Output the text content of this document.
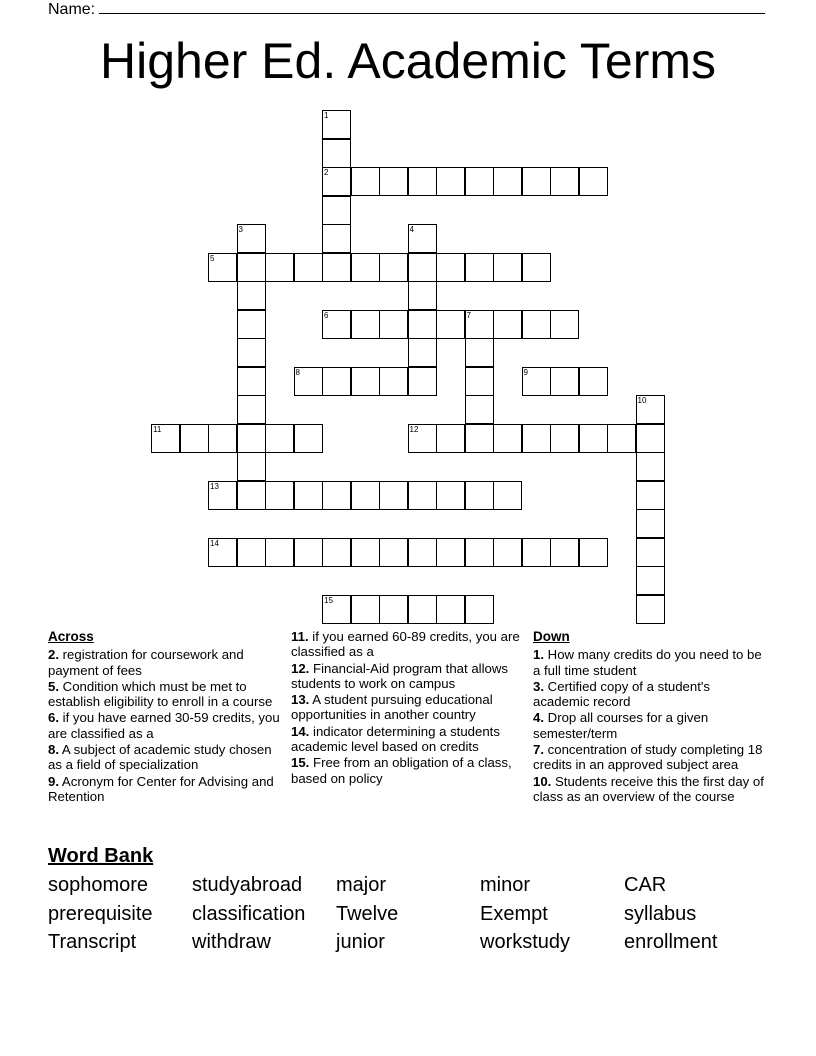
Name:
Higher Ed. Academic Terms
2
5
6	7
8	9
11	12
13
14
15
1
3	4
10
Across
2. registration for coursework and payment of fees
5. Condition which must be met to establish eligibility to enroll in a course
6. if you have earned 30-59 credits, you are classified as a
8. A subject of academic study chosen as a field of specialization
9. Acronym for Center for Advising and Retention
11. if you earned 60-89 credits, you are classified as a
12. Financial-Aid program that allows students to work on campus
13. A student pursuing educational opportunities in another country
14. indicator determining a students academic level based on credits
15. Free from an obligation of a class, based on policy
Down
1. How many credits do you need to be a full time student
3. Certified copy of a student's academic record
4. Drop all courses for a given semester/term
7. concentration of study completing 18 credits in an approved subject area
10. Students receive this the first day of class as an overview of the course
Word Bank
sophomore	studyabroad	major	minor	CAR
prerequisite	classification	Twelve	Exempt	syllabus
Transcript	withdraw	junior	workstudy	enrollment
